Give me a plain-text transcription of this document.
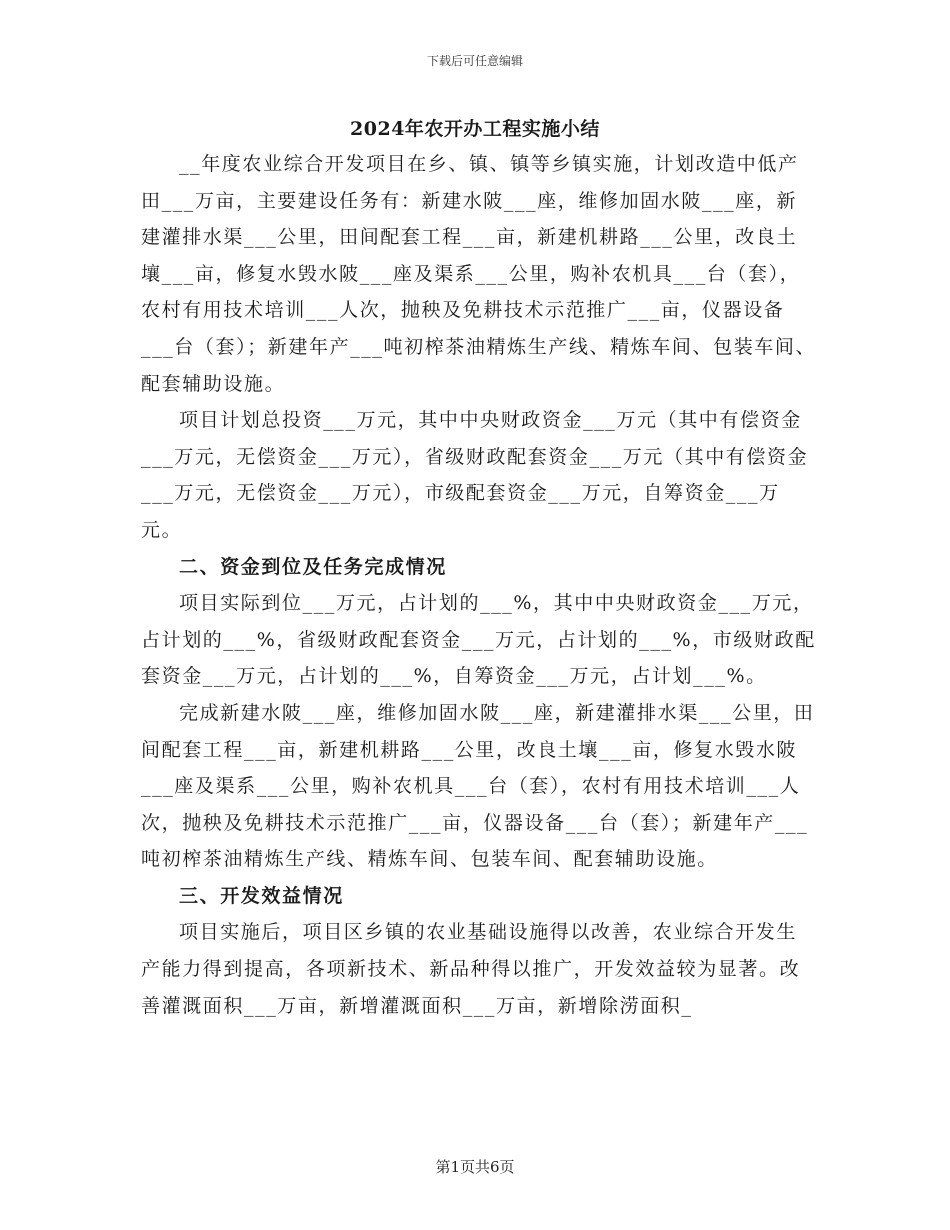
下载后可任意编辑
2024年农开办工程实施小结

__年度农业综合开发项目在乡、镇、镇等乡镇实施，计划改造中低产田___万亩，主要建设任务有：新建水陂___座，维修加固水陂___座，新建灌排水渠___公里，田间配套工程___亩，新建机耕路___公里，改良土壤___亩，修复水毁水陂___座及渠系___公里，购补农机具___台（套），农村有用技术培训___人次，抛秧及免耕技术示范推广___亩，仪器设备___台（套）；新建年产___吨初榨茶油精炼生产线、精炼车间、包装车间、配套辅助设施。

项目计划总投资___万元，其中中央财政资金___万元（其中有偿资金___万元，无偿资金___万元），省级财政配套资金___万元（其中有偿资金___万元，无偿资金___万元），市级配套资金___万元，自筹资金___万元。

二、资金到位及任务完成情况

项目实际到位___万元，占计划的___%，其中中央财政资金___万元，占计划的___%，省级财政配套资金___万元，占计划的___%，市级财政配套资金___万元，占计划的___%，自筹资金___万元，占计划___%。

完成新建水陂___座，维修加固水陂___座，新建灌排水渠___公里，田间配套工程___亩，新建机耕路___公里，改良土壤___亩，修复水毁水陂___座及渠系___公里，购补农机具___台（套），农村有用技术培训___人次，抛秧及免耕技术示范推广___亩，仪器设备___台（套）；新建年产___吨初榨茶油精炼生产线、精炼车间、包装车间、配套辅助设施。

三、开发效益情况

项目实施后，项目区乡镇的农业基础设施得以改善，农业综合开发生产能力得到提高，各项新技术、新品种得以推广，开发效益较为显著。改善灌溉面积___万亩，新增灌溉面积___万亩，新增除涝面积_

第1页共6页
